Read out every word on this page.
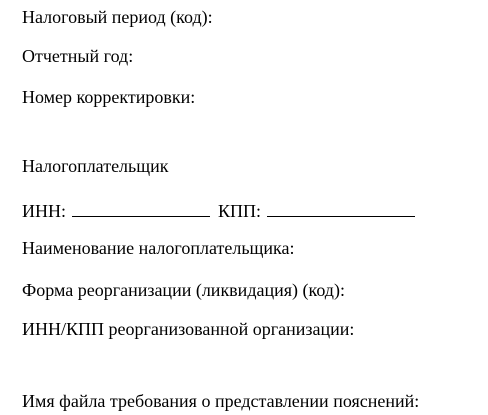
Налоговый период (код):
Отчетный год:
Номер корректировки:
Налогоплательщик
ИНН:	КПП:
Наименование налогоплательщика:
Форма реорганизации (ликвидация) (код):
ИНН/КПП реорганизованной организации:
Имя файла требования о представлении пояснений:
